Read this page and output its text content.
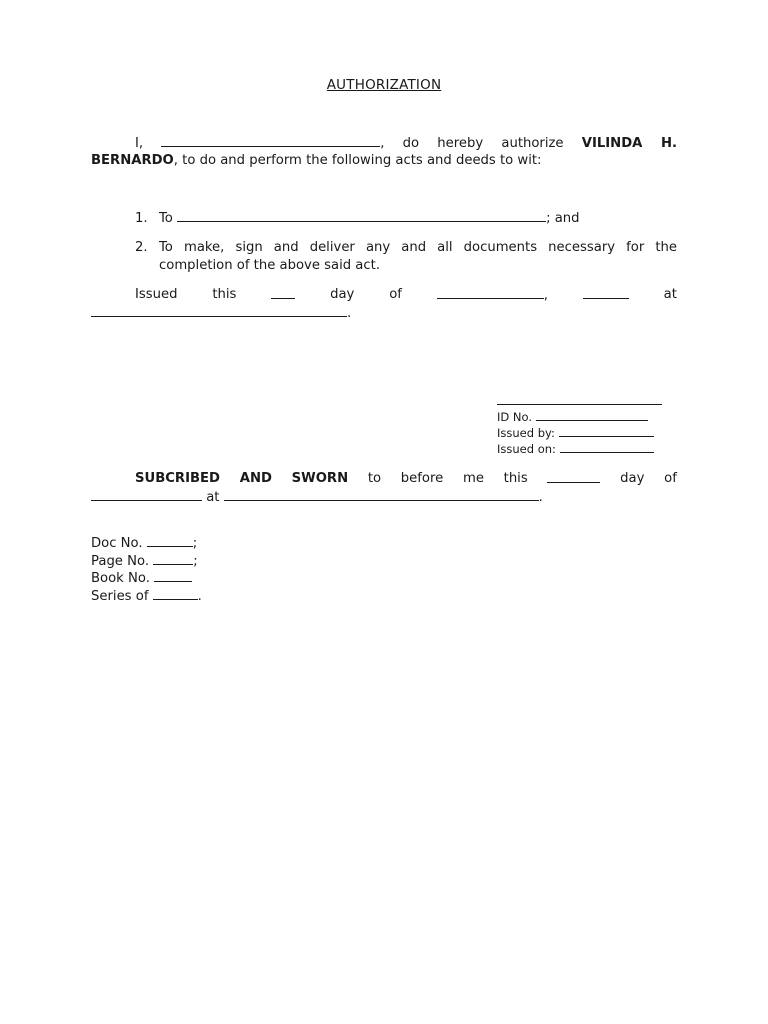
AUTHORIZATION
I,	, do hereby authorize VILINDA H.
BERNARDO, to do and perform the following acts and deeds to wit:
1. To	; and
2. To make, sign and deliver any and all documents necessary for the
completion of the above said act.
Issued	this	day	of	,	at
.
ID No.
Issued by:
Issued on:
SUBCRIBED AND SWORN to before me this	day of
at	.
Doc No.	;
Page No.	;
Book No.
Series of	.
